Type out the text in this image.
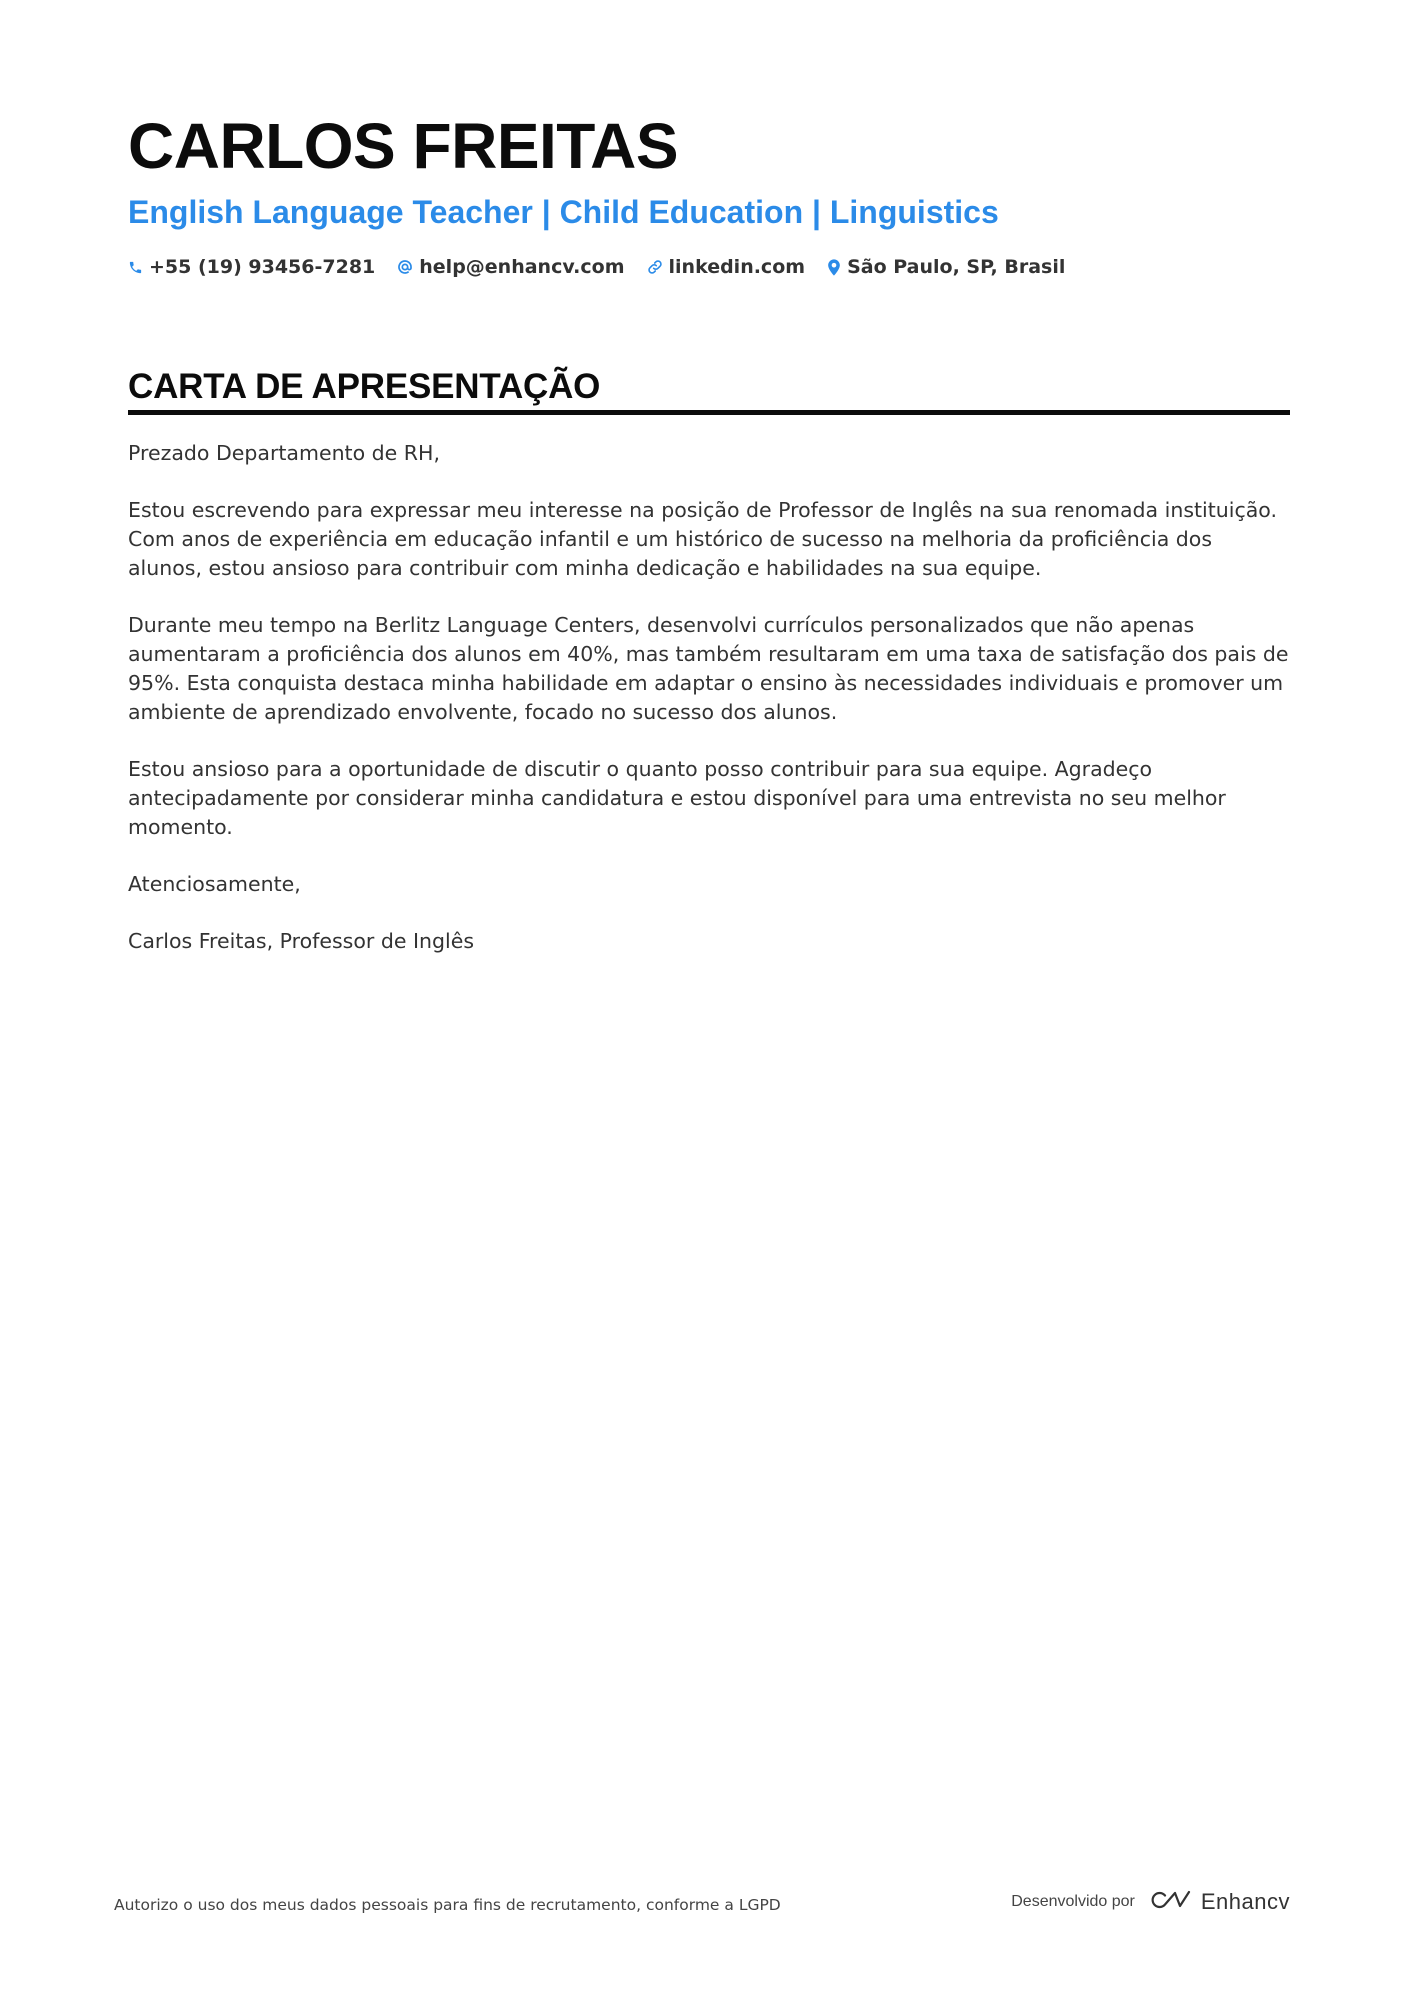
CARLOS FREITAS
English Language Teacher | Child Education | Linguistics
+55 (19) 93456-7281 help@enhancv.com linkedin.com São Paulo, SP, Brasil
CARTA DE APRESENTAÇÃO

Prezado Departamento de RH,

Estou escrevendo para expressar meu interesse na posição de Professor de Inglês na sua renomada instituição. Com anos de experiência em educação infantil e um histórico de sucesso na melhoria da proficiência dos alunos, estou ansioso para contribuir com minha dedicação e habilidades na sua equipe.

Durante meu tempo na Berlitz Language Centers, desenvolvi currículos personalizados que não apenas aumentaram a proficiência dos alunos em 40%, mas também resultaram em uma taxa de satisfação dos pais de 95%. Esta conquista destaca minha habilidade em adaptar o ensino às necessidades individuais e promover um ambiente de aprendizado envolvente, focado no sucesso dos alunos.

Estou ansioso para a oportunidade de discutir o quanto posso contribuir para sua equipe. Agradeço antecipadamente por considerar minha candidatura e estou disponível para uma entrevista no seu melhor momento.

Atenciosamente,

Carlos Freitas, Professor de Inglês

Autorizo o uso dos meus dados pessoais para fins de recrutamento, conforme a LGPD	Desenvolvido por	Enhancv
